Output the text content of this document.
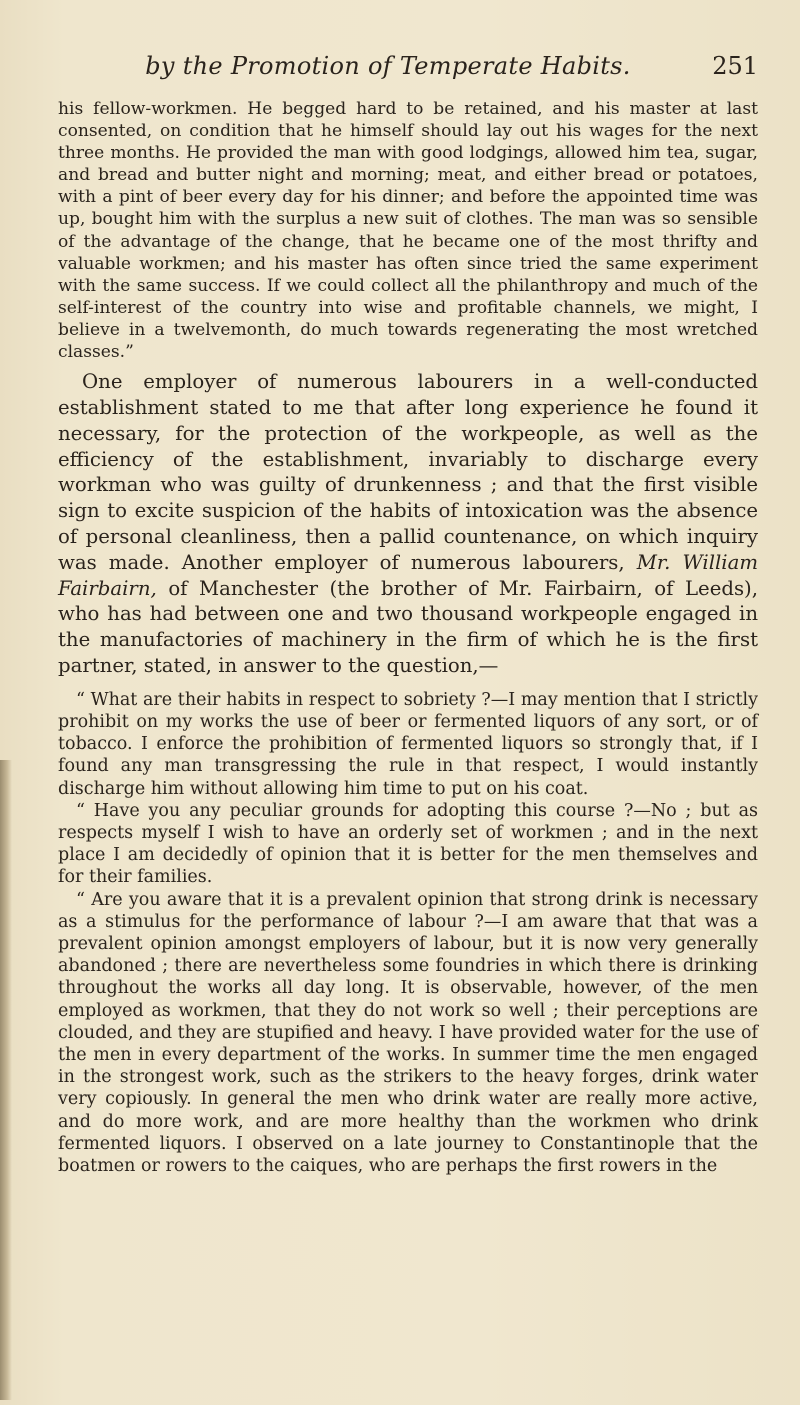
by the Promotion of Temperate Habits.	251

his fellow-workmen. He begged hard to be retained, and his master at last consented, on condition that he himself should lay out his wages for the next three months. He provided the man with good lodgings, allowed him tea, sugar, and bread and butter night and morning; meat, and either bread or potatoes, with a pint of beer every day for his dinner; and before the appointed time was up, bought him with the surplus a new suit of clothes. The man was so sensible of the advantage of the change, that he became one of the most thrifty and valuable workmen; and his master has often since tried the same experiment with the same success. If we could collect all the philanthropy and much of the self-interest of the country into wise and profitable channels, we might, I believe in a twelvemonth, do much towards regenerating the most wretched classes.”

One employer of numerous labourers in a well-conducted establishment stated to me that after long experience he found it necessary, for the protection of the workpeople, as well as the efficiency of the establishment, invariably to discharge every workman who was guilty of drunkenness ; and that the first visible sign to excite suspicion of the habits of intoxication was the absence of personal cleanliness, then a pallid countenance, on which inquiry was made. Another employer of numerous labourers, Mr. William Fairbairn, of Manchester (the brother of Mr. Fairbairn, of Leeds), who has had between one and two thousand workpeople engaged in the manufactories of machinery in the firm of which he is the first partner, stated, in answer to the question,—

“ What are their habits in respect to sobriety ?—I may mention that I strictly prohibit on my works the use of beer or fermented liquors of any sort, or of tobacco. I enforce the prohibition of fermented liquors so strongly that, if I found any man transgressing the rule in that respect, I would instantly discharge him without allowing him time to put on his coat.

“ Have you any peculiar grounds for adopting this course ?—No ; but as respects myself I wish to have an orderly set of workmen ; and in the next place I am decidedly of opinion that it is better for the men themselves and for their families.

“ Are you aware that it is a prevalent opinion that strong drink is necessary as a stimulus for the performance of labour ?—I am aware that that was a prevalent opinion amongst employers of labour, but it is now very generally abandoned ; there are nevertheless some foundries in which there is drinking throughout the works all day long. It is observable, however, of the men employed as workmen, that they do not work so well ; their perceptions are clouded, and they are stupified and heavy. I have provided water for the use of the men in every department of the works. In summer time the men engaged in the strongest work, such as the strikers to the heavy forges, drink water very copiously. In general the men who drink water are really more active, and do more work, and are more healthy than the workmen who drink fermented liquors. I observed on a late journey to Constantinople that the boatmen or rowers to the caiques, who are perhaps the first rowers in the
